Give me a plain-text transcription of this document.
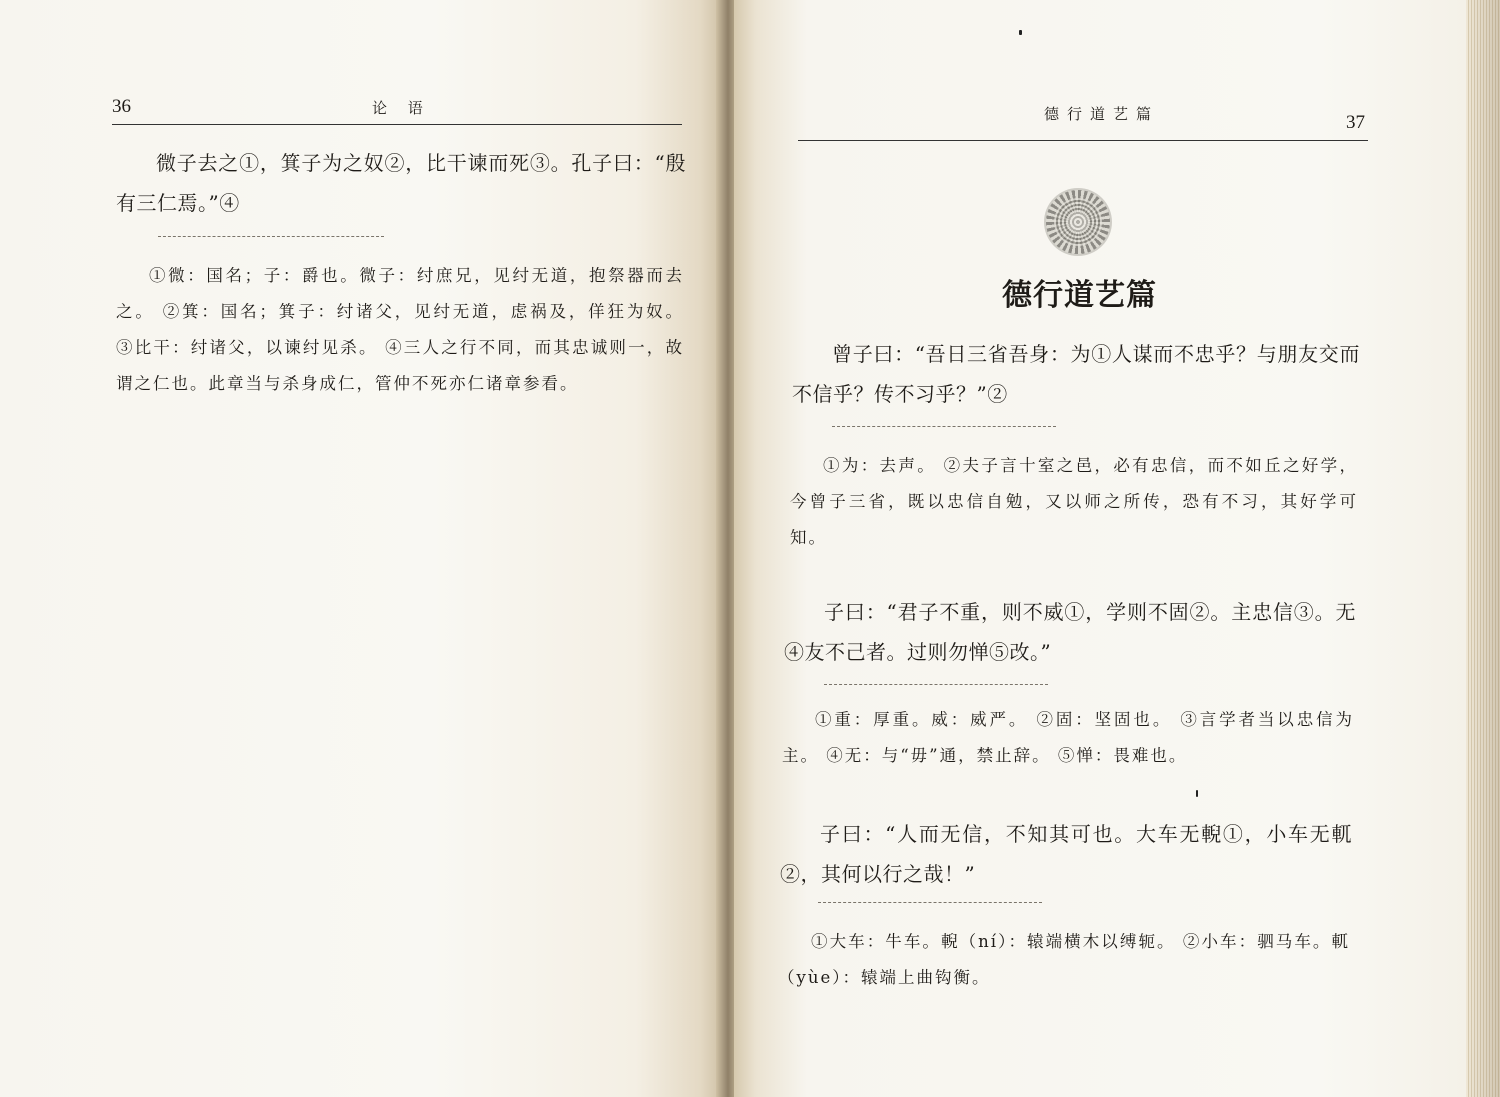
36	论 语
微子去之①，箕子为之奴②，比干谏而死③。孔子曰：“殷有三仁焉。”④
①微：国名；子：爵也。微子：纣庶兄，见纣无道，抱祭器而去之。 ②箕：国名；箕子：纣诸父，见纣无道，虑祸及，佯狂为奴。 ③比干：纣诸父，以谏纣见杀。 ④三人之行不同，而其忠诚则一，故谓之仁也。此章当与杀身成仁，管仲不死亦仁诸章参看。
德行道艺篇	37
德行道艺篇
曾子曰：“吾日三省吾身：为①人谋而不忠乎？与朋友交而不信乎？传不习乎？”②
①为：去声。 ②夫子言十室之邑，必有忠信，而不如丘之好学，今曾子三省，既以忠信自勉，又以师之所传，恐有不习，其好学可知。
子曰：“君子不重，则不威①，学则不固②。主忠信③。无④友不己者。过则勿惮⑤改。”
①重：厚重。威：威严。 ②固：坚固也。 ③言学者当以忠信为主。 ④无：与“毋”通，禁止辞。 ⑤惮：畏难也。
子曰：“人而无信，不知其可也。大车无輗①，小车无軏②，其何以行之哉！”
①大车：牛车。輗（ní）：辕端横木以缚轭。 ②小车：驷马车。軏（yùe）：辕端上曲钩衡。
